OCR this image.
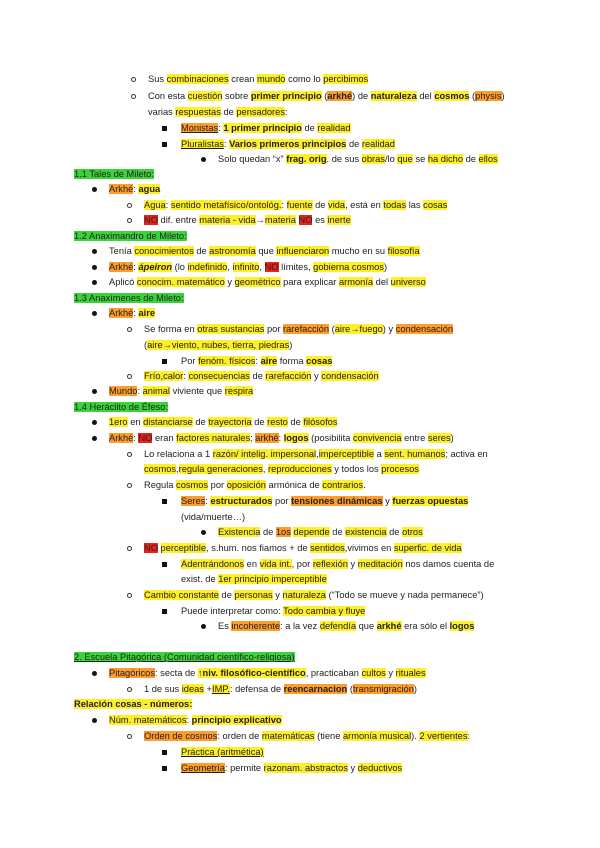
Sus combinaciones crean mundo como lo percibimos
Con esta cuestión sobre primer principio (arkhé) de naturaleza del cosmos (physis)
varias respuestas de pensadores:
Monistas: 1 primer principio de realidad
Pluralistas: Varios primeros principios de realidad
Solo quedan “x” frag. orig. de sus obras/lo que se ha dicho de ellos
1.1 Tales de Mileto:
Arkhé: agua
Agua: sentido metafísico/ontológ.: fuente de vida, está en todas las cosas
NO dif. entre materia - vida→materia NO es inerte
1.2 Anaximandro de Mileto:
Tenía conocimientos de astronomía que influenciaron mucho en su filosofía
Arkhé: ápeiron (lo indefinido, infinito, NO límites, gobierna cosmos)
Aplicó conocim. matemático y geométrico para explicar armonía del universo
1.3 Anaxímenes de Mileto:
Arkhé: aire
Se forma en otras sustancias por rarefacción (aire→fuego) y condensación
(aire→viento, nubes, tierra, piedras)
Por fenóm. físicos: aire forma cosas
Frío,calor: consecuencias de rarefacción y condensación
Mundo: animal viviente que respira
1.4 Heráclito de Éfeso:
1ero en distanciarse de trayectoria de resto de filósofos
Arkhé: NO eran factores naturales; arkhé: logos (posibilita convivencia entre seres)
Lo relaciona a 1 razón/ intelig. impersonal,imperceptible a sent. humanos; activa en
cosmos,regula generaciones, reproducciones y todos los procesos
Regula cosmos por oposición armónica de contrarios.
Seres: estructurados por tensiones dinámicas y fuerzas opuestas
(vida/muerte…)
Existencia de 1os depende de existencia de otros
NO perceptible, s.hum. nos fiamos + de sentidos,vivimos en superfic. de vida
Adentrándonos en vida int., por reflexión y meditación nos damos cuenta de
exist. de 1er principio imperceptible
Cambio constante de personas y naturaleza (“Todo se mueve y nada permanece”)
Puede interpretar como: Todo cambia y fluye
Es incoherente: a la vez defendía que arkhé era sólo el logos
2. Escuela Pitagórica (Comunidad científico-religiosa)
Pitagóricos: secta de ↑niv. filosófico-científico, practicaban cultos y rituales
1 de sus ideas +IMP.: defensa de reencarnacion (transmigración)
Relación cosas - números:
Núm. matemáticos: principio explicativo
Orden de cosmos: orden de matemáticas (tiene armonía musical). 2 vertientes:
Práctica (aritmética)
Geometría: permite razonam. abstractos y deductivos
